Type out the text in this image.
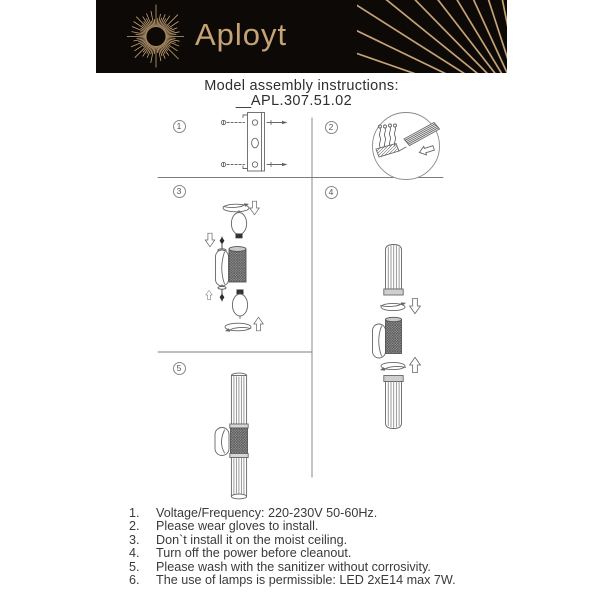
Aployt
Model assembly instructions:
APL.307.51.02
1	2
3	4
5
1.	Voltage/Frequency: 220-230V 50-60Hz.
2.	Please wear gloves to install.
3.	Don`t install it on the moist ceiling.
4.	Turn off the power before cleanout.
5.	Please wash with the sanitizer without corrosivity.
6.	The use of lamps is permissible: LED 2xE14 max 7W.
